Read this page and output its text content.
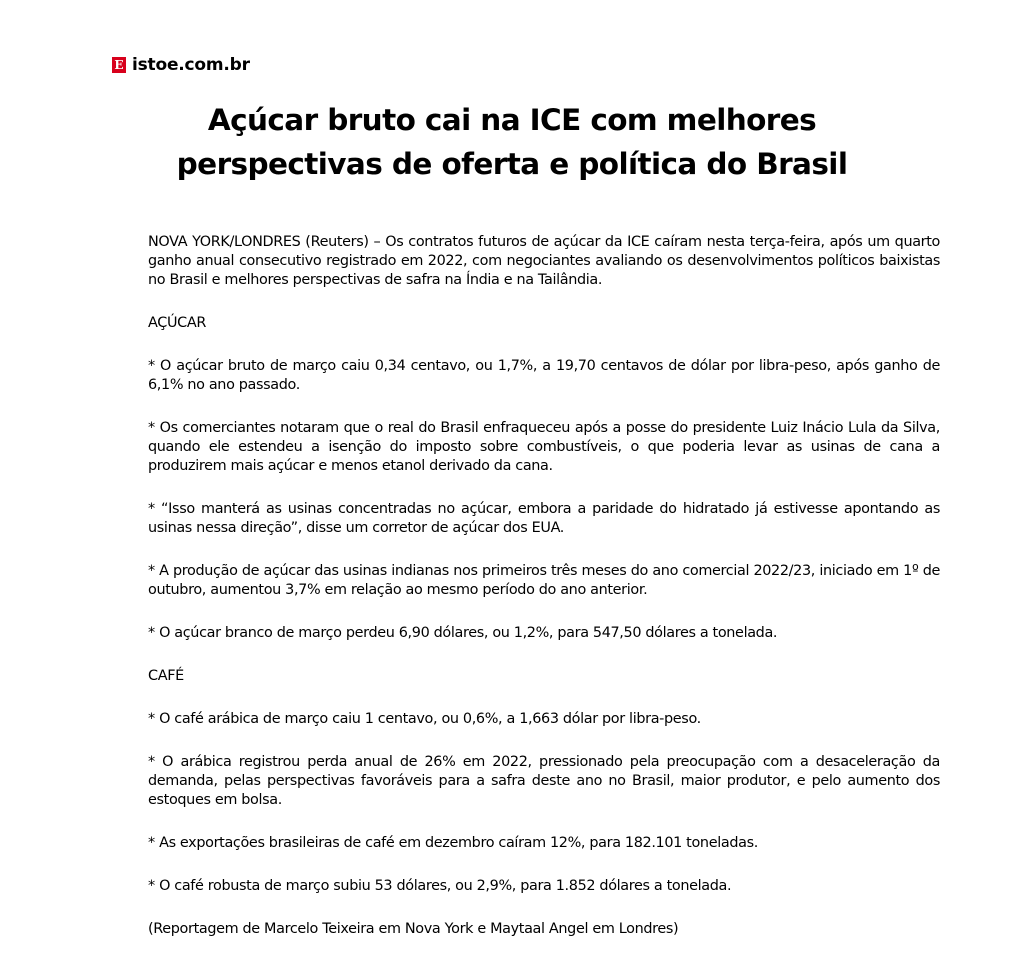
E istoe.com.br
Açúcar bruto cai na ICE com melhores perspectivas de oferta e política do Brasil

NOVA YORK/LONDRES (Reuters) – Os contratos futuros de açúcar da ICE caíram nesta terça-feira, após um quarto ganho anual consecutivo registrado em 2022, com negociantes avaliando os desenvolvimentos políticos baixistas no Brasil e melhores perspectivas de safra na Índia e na Tailândia.

AÇÚCAR

* O açúcar bruto de março caiu 0,34 centavo, ou 1,7%, a 19,70 centavos de dólar por libra-peso, após ganho de 6,1% no ano passado.

* Os comerciantes notaram que o real do Brasil enfraqueceu após a posse do presidente Luiz Inácio Lula da Silva, quando ele estendeu a isenção do imposto sobre combustíveis, o que poderia levar as usinas de cana a produzirem mais açúcar e menos etanol derivado da cana.

* “Isso manterá as usinas concentradas no açúcar, embora a paridade do hidratado já estivesse apontando as usinas nessa direção”, disse um corretor de açúcar dos EUA.

* A produção de açúcar das usinas indianas nos primeiros três meses do ano comercial 2022/23, iniciado em 1º de outubro, aumentou 3,7% em relação ao mesmo período do ano anterior.

* O açúcar branco de março perdeu 6,90 dólares, ou 1,2%, para 547,50 dólares a tonelada.

CAFÉ

* O café arábica de março caiu 1 centavo, ou 0,6%, a 1,663 dólar por libra-peso.

* O arábica registrou perda anual de 26% em 2022, pressionado pela preocupação com a desaceleração da demanda, pelas perspectivas favoráveis para a safra deste ano no Brasil, maior produtor, e pelo aumento dos estoques em bolsa.

* As exportações brasileiras de café em dezembro caíram 12%, para 182.101 toneladas.

* O café robusta de março subiu 53 dólares, ou 2,9%, para 1.852 dólares a tonelada.

(Reportagem de Marcelo Teixeira em Nova York e Maytaal Angel em Londres)
